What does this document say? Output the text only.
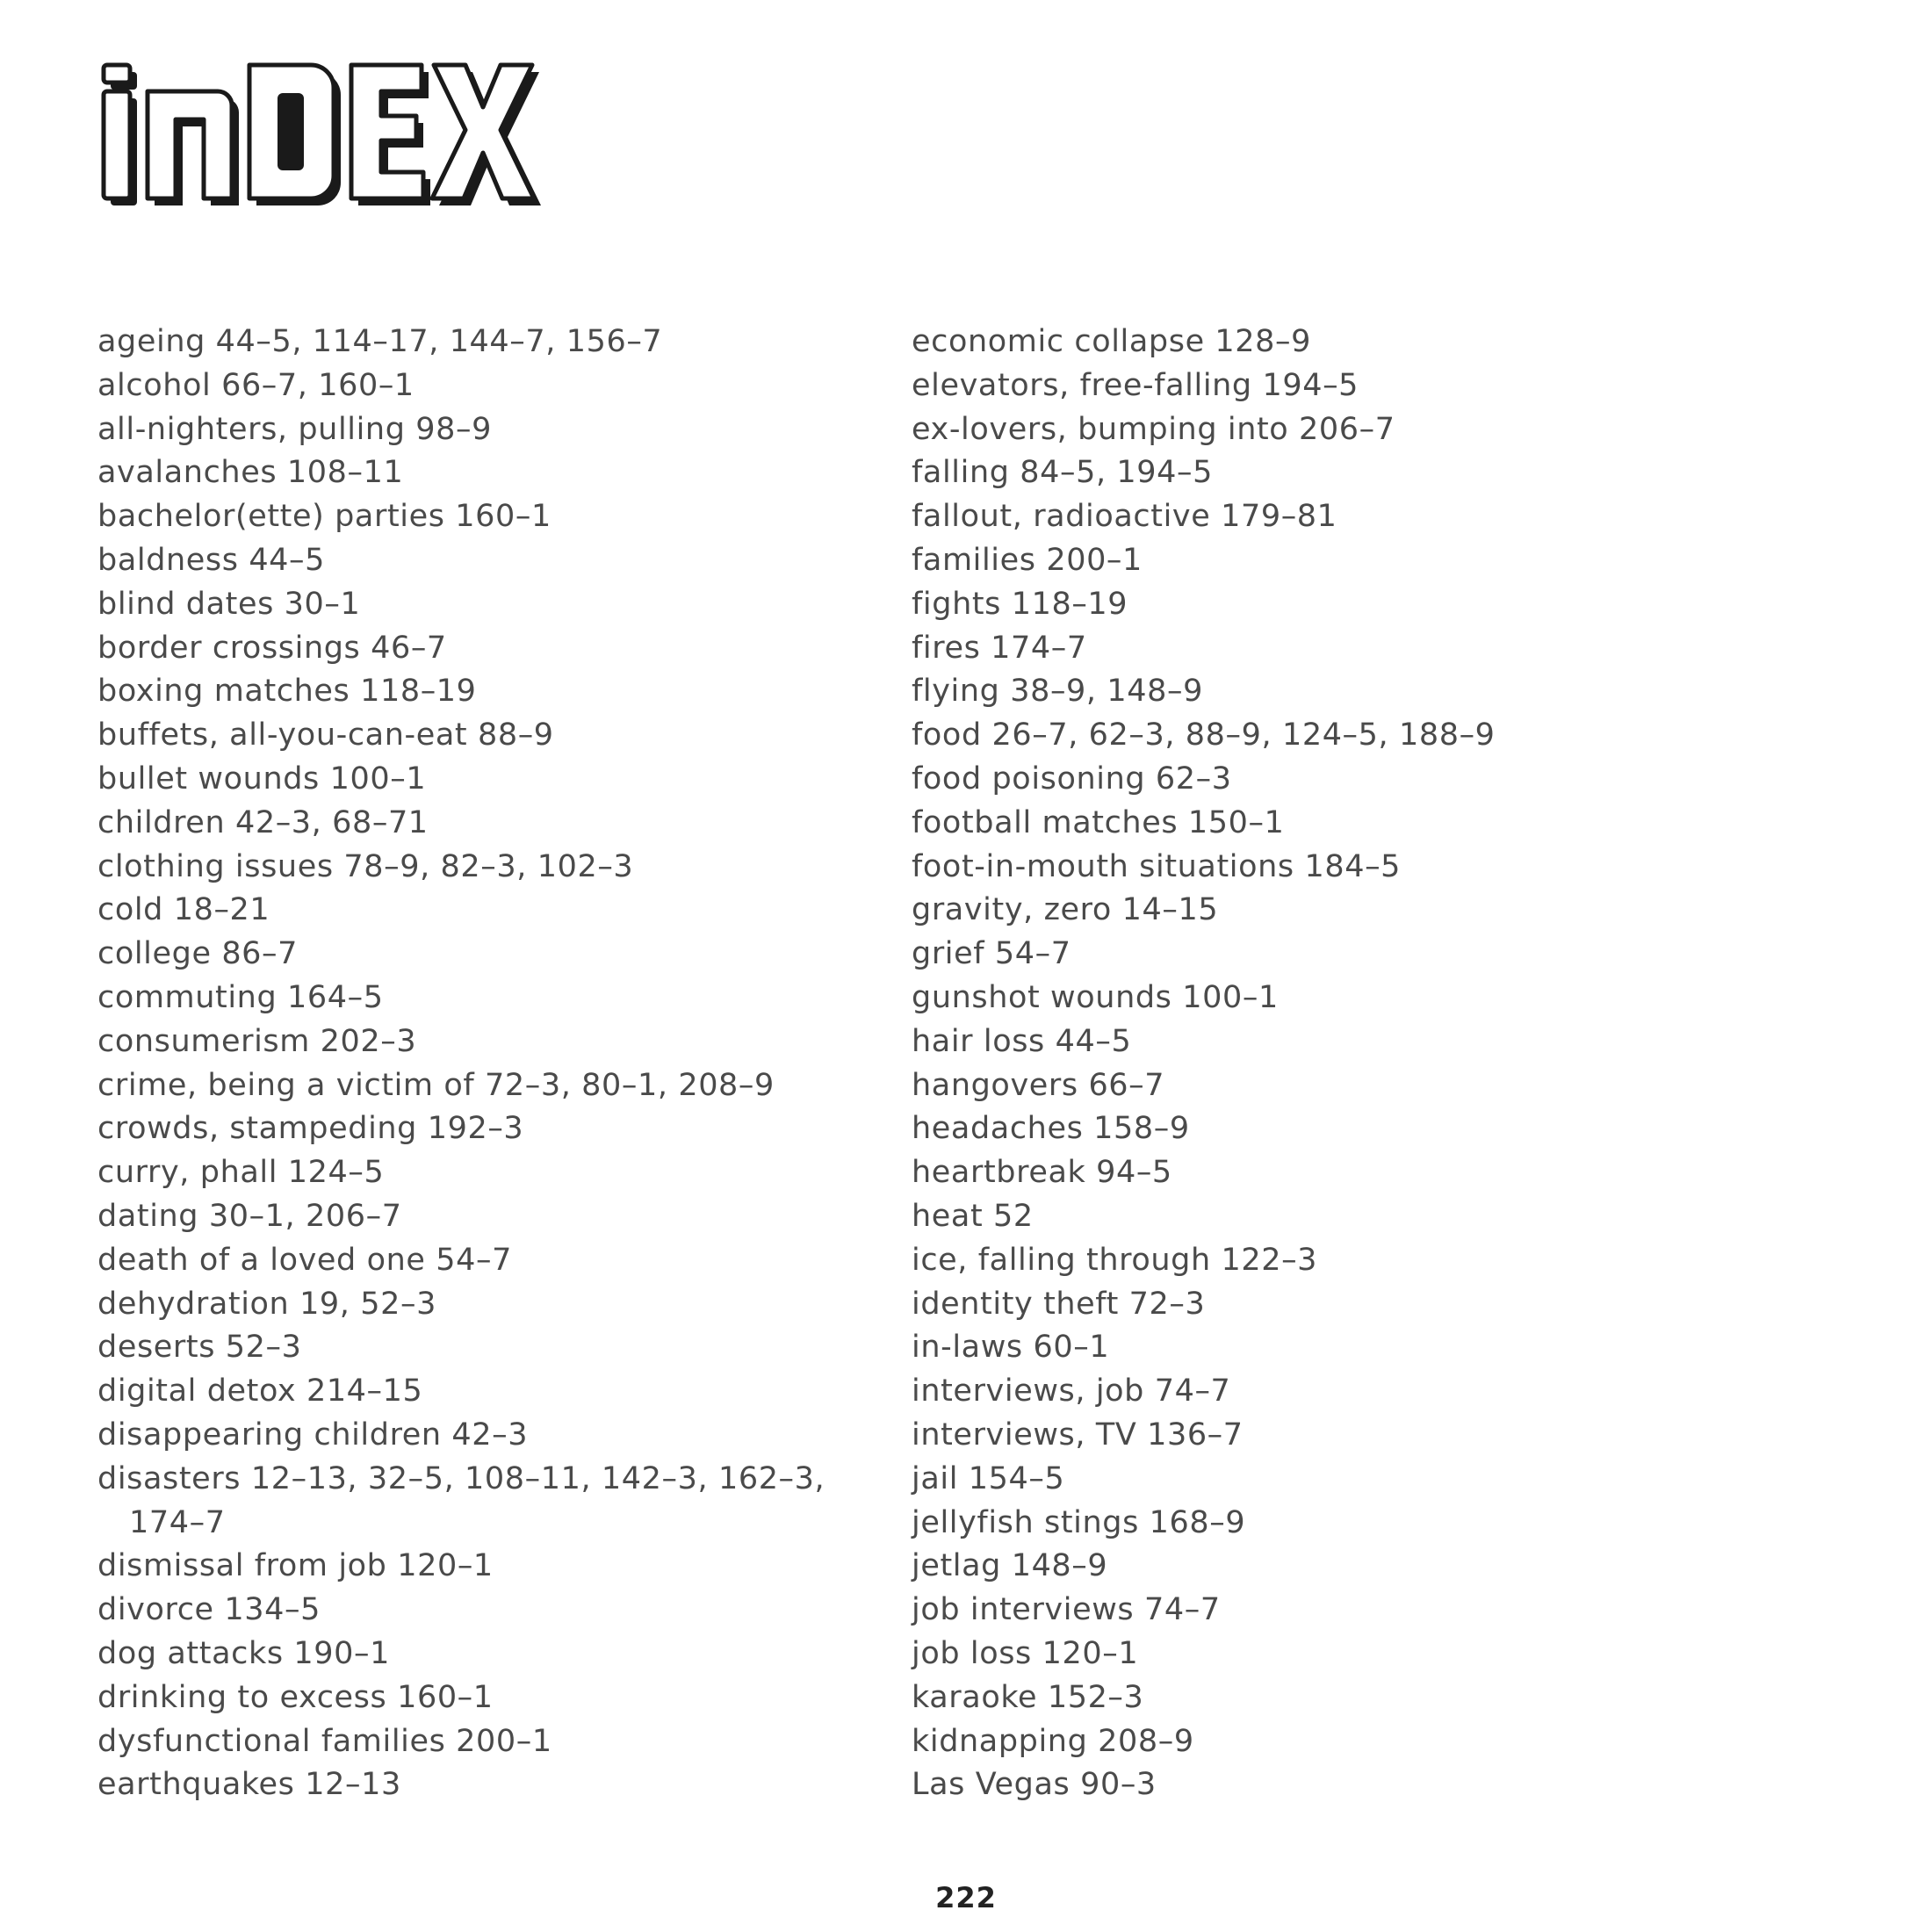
ageing 44–5, 114–17, 144–7, 156–7
alcohol 66–7, 160–1
all-nighters, pulling 98–9
avalanches 108–11
bachelor(ette) parties 160–1
baldness 44–5
blind dates 30–1
border crossings 46–7
boxing matches 118–19
buffets, all-you-can-eat 88–9
bullet wounds 100–1
children 42–3, 68–71
clothing issues 78–9, 82–3, 102–3
cold 18–21
college 86–7
commuting 164–5
consumerism 202–3
crime, being a victim of 72–3, 80–1, 208–9
crowds, stampeding 192–3
curry, phall 124–5
dating 30–1, 206–7
death of a loved one 54–7
dehydration 19, 52–3
deserts 52–3
digital detox 214–15
disappearing children 42–3
disasters 12–13, 32–5, 108–11, 142–3, 162–3,
174–7
dismissal from job 120–1
divorce 134–5
dog attacks 190–1
drinking to excess 160–1
dysfunctional families 200–1
earthquakes 12–13
economic collapse 128–9
elevators, free-falling 194–5
ex-lovers, bumping into 206–7
falling 84–5, 194–5
fallout, radioactive 179–81
families 200–1
fights 118–19
fires 174–7
flying 38–9, 148–9
food 26–7, 62–3, 88–9, 124–5, 188–9
food poisoning 62–3
football matches 150–1
foot-in-mouth situations 184–5
gravity, zero 14–15
grief 54–7
gunshot wounds 100–1
hair loss 44–5
hangovers 66–7
headaches 158–9
heartbreak 94–5
heat 52
ice, falling through 122–3
identity theft 72–3
in-laws 60–1
interviews, job 74–7
interviews, TV 136–7
jail 154–5
jellyfish stings 168–9
jetlag 148–9
job interviews 74–7
job loss 120–1
karaoke 152–3
kidnapping 208–9
Las Vegas 90–3
222
